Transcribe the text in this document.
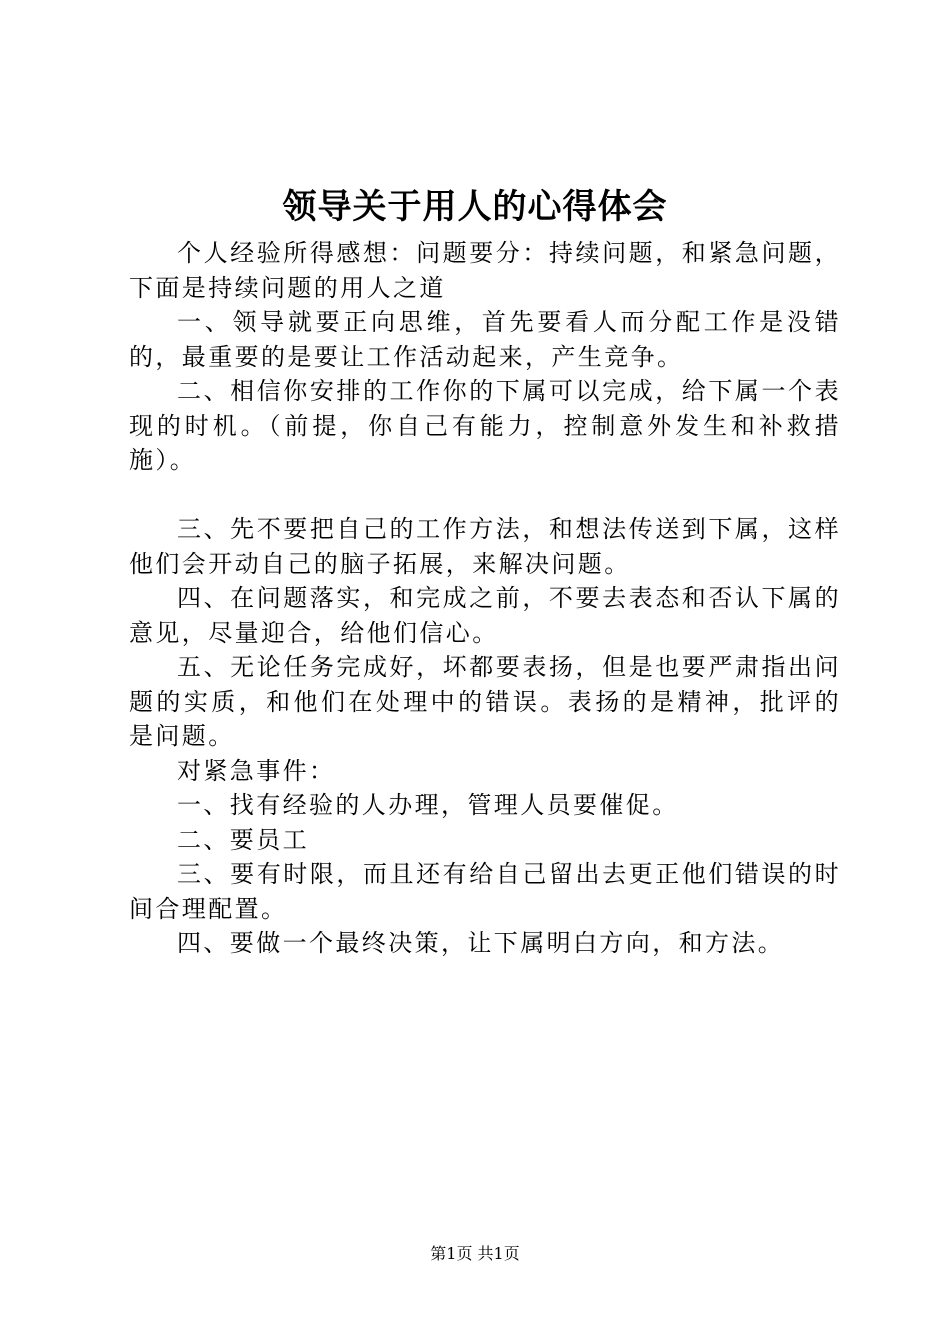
领导关于用人的心得体会

个人经验所得感想：问题要分：持续问题，和紧急问题，下面是持续问题的用人之道

一、领导就要正向思维，首先要看人而分配工作是没错的，最重要的是要让工作活动起来，产生竞争。

二、相信你安排的工作你的下属可以完成，给下属一个表现的时机。（前提，你自己有能力，控制意外发生和补救措施）。

三、先不要把自己的工作方法，和想法传送到下属，这样他们会开动自己的脑子拓展，来解决问题。

四、在问题落实，和完成之前，不要去表态和否认下属的意见，尽量迎合，给他们信心。

五、无论任务完成好，坏都要表扬，但是也要严肃指出问题的实质，和他们在处理中的错误。表扬的是精神，批评的是问题。

对紧急事件：

一、找有经验的人办理，管理人员要催促。

二、要员工

三、要有时限，而且还有给自己留出去更正他们错误的时间合理配置。

四、要做一个最终决策，让下属明白方向，和方法。

第1页 共1页
